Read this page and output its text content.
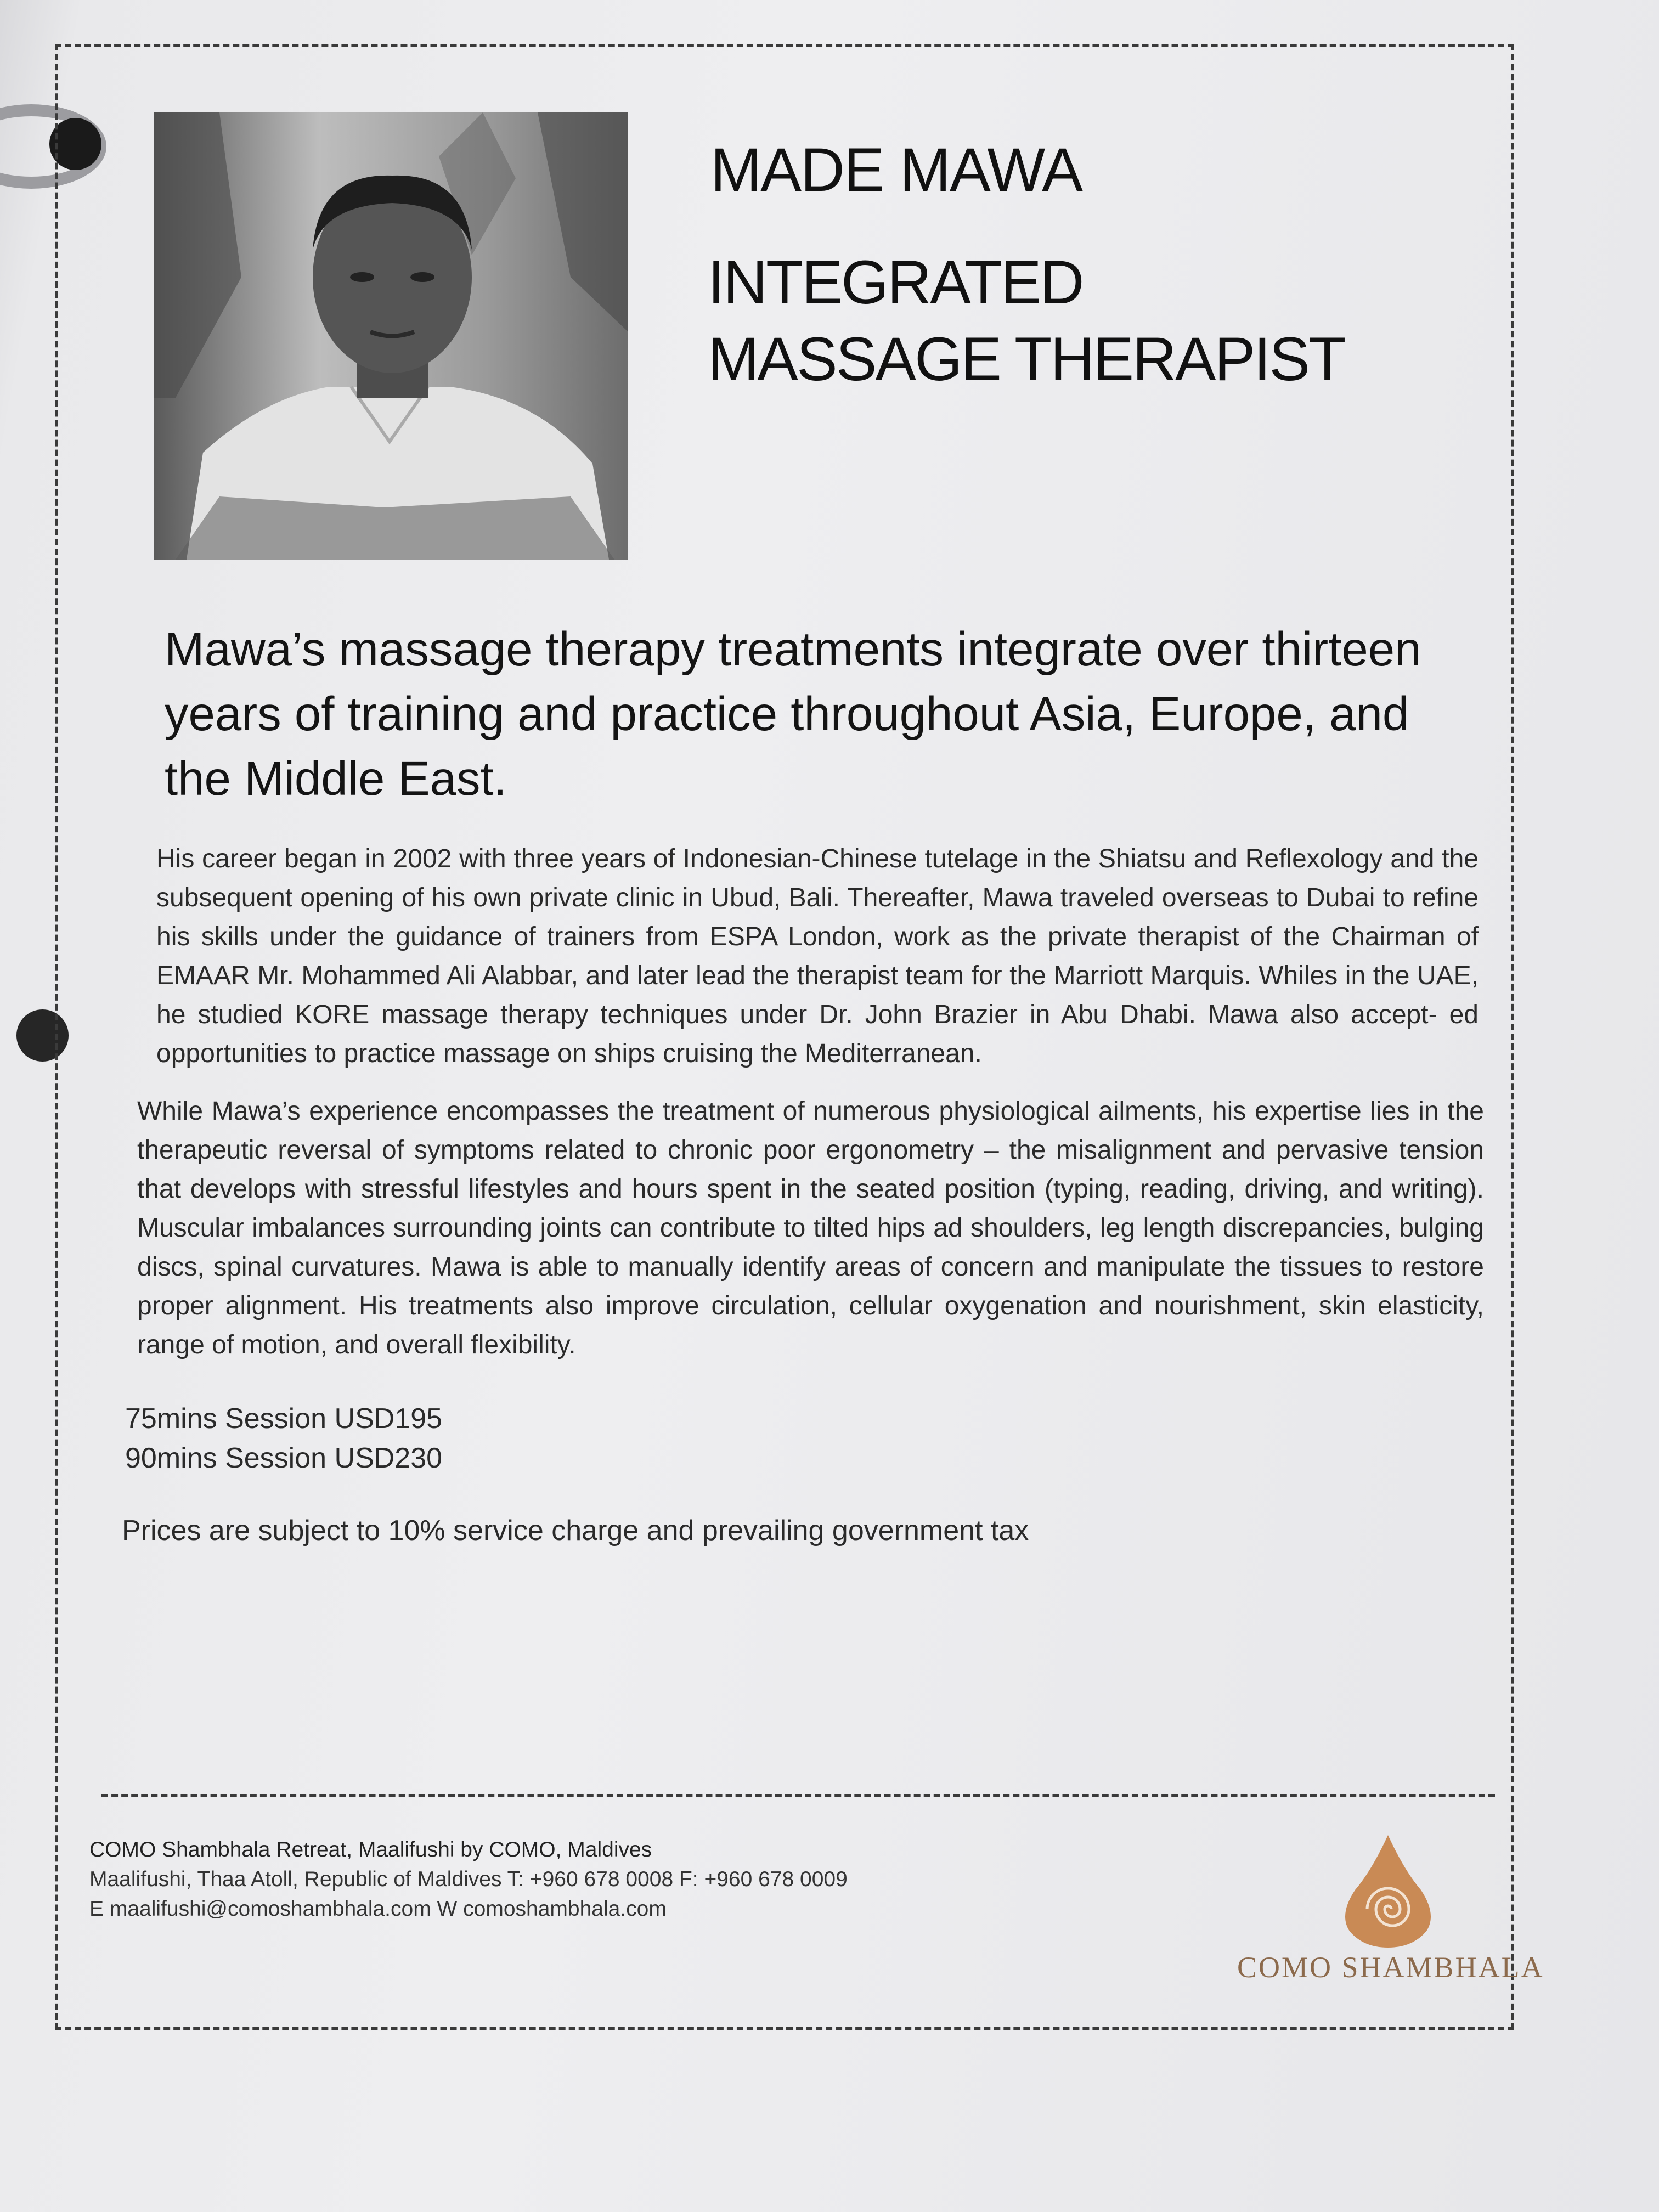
MADE MAWA
INTEGRATED
MASSAGE THERAPIST
Mawa’s massage therapy treatments integrate over thirteen years of training and practice throughout Asia, Europe, and the Middle East.
His career began in 2002 with three years of Indonesian-Chinese tutelage in the Shiatsu and Reflexology and the subsequent opening of his own private clinic in Ubud, Bali. Thereafter, Mawa traveled overseas to Dubai to refine his skills under the guidance of trainers from ESPA London, work as the private therapist of the Chairman of EMAAR Mr. Mohammed Ali Alabbar, and later lead the therapist team for the Marriott Marquis. Whiles in the UAE, he studied KORE massage therapy techniques under Dr. John Brazier in Abu Dhabi. Mawa also accept- ed opportunities to practice massage on ships cruising the Mediterranean.
While Mawa’s experience encompasses the treatment of numerous physiological ailments, his expertise lies in the therapeutic reversal of symptoms related to chronic poor ergonometry – the misalignment and pervasive tension that develops with stressful lifestyles and hours spent in the seated position (typing, reading, driving, and writing). Muscular imbalances surrounding joints can contribute to tilted hips ad shoulders, leg length discrepancies, bulging discs, spinal curvatures. Mawa is able to manually identify areas of concern and manipulate the tissues to restore proper alignment. His treatments also improve circulation, cellular oxygenation and nourishment, skin elasticity, range of motion, and overall flexibility.
75mins Session USD195
90mins Session USD230
Prices are subject to 10% service charge and prevailing government tax
COMO Shambhala Retreat, Maalifushi by COMO, Maldives
Maalifushi, Thaa Atoll, Republic of Maldives T: +960 678 0008 F: +960 678 0009
E maalifushi@comoshambhala.com W comoshambhala.com
COMO SHAMBHALA
